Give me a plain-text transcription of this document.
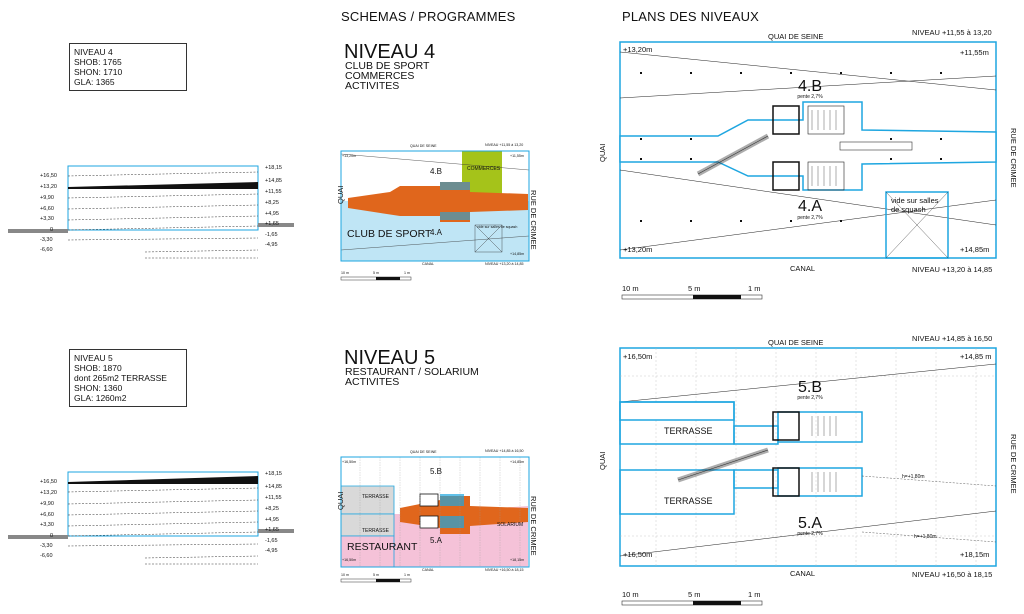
SCHEMAS / PROGRAMMES	PLANS DES NIVEAUX
NIVEAU 4
SHOB: 1765
SHON: 1710
GLA: 1365
+16,50
+13,20
+9,90
+6,60
+3,30
0
-3,30
-6,60
+18,15
+14,85
+11,55
+8,25
+4,95
+1,65
-1,65
-4,95
NIVEAU 4
CLUB DE SPORT
COMMERCES
ACTIVITES
QUAI DE SEINE	NIVEAU +11,55 à 13,20
NIVEAU +13,20 à 14,85
CANAL
+13,20m	+11,55m
+14,85m
COMMERCES
CLUB DE SPORT
4.B
4.A
vide sur salles de squash
QUAI	RUE DE CRIMEE
10 m	5 m	1 m
QUAI DE SEINE	NIVEAU +11,55 à 13,20
NIVEAU +13,20 à 14,85
CANAL
QUAI	RUE DE CRIMEE
4.B
pente 2,7%
4.A
pente 2,7%
vide sur salles
de squash
+13,20m	+11,55m
+13,20m	+14,85m
10 m	5 m	1 m
NIVEAU 5
SHOB: 1870
dont 265m2 TERRASSE
SHON: 1360
GLA: 1260m2
+16,50
+13,20
+9,90
+6,60
+3,30
0
-3,30
-6,60
+18,15
+14,85
+11,55
+8,25
+4,95
+1,65
-1,65
-4,95
NIVEAU 5
RESTAURANT / SOLARIUM
ACTIVITES
QUAI DE SEINE	NIVEAU +14,85 à 16,50
NIVEAU +16,50 à 18,15
CANAL
+16,50m	+14,85m
+16,50m	+18,15m
TERRASSE
TERRASSE
SOLARIUM
RESTAURANT
5.B
5.A
QUAI	RUE DE CRIMEE
10 m	5 m	1 m
QUAI DE SEINE	NIVEAU +14,85 à 16,50
NIVEAU +16,50 à 18,15
CANAL
QUAI	RUE DE CRIMEE
5.B
pente 2,7%
5.A
pente 2,7%
TERRASSE
TERRASSE
h=+1,80m
h=+1,80m
+16,50m	+14,85 m
+16,50m	+18,15m
10 m	5 m	1 m
